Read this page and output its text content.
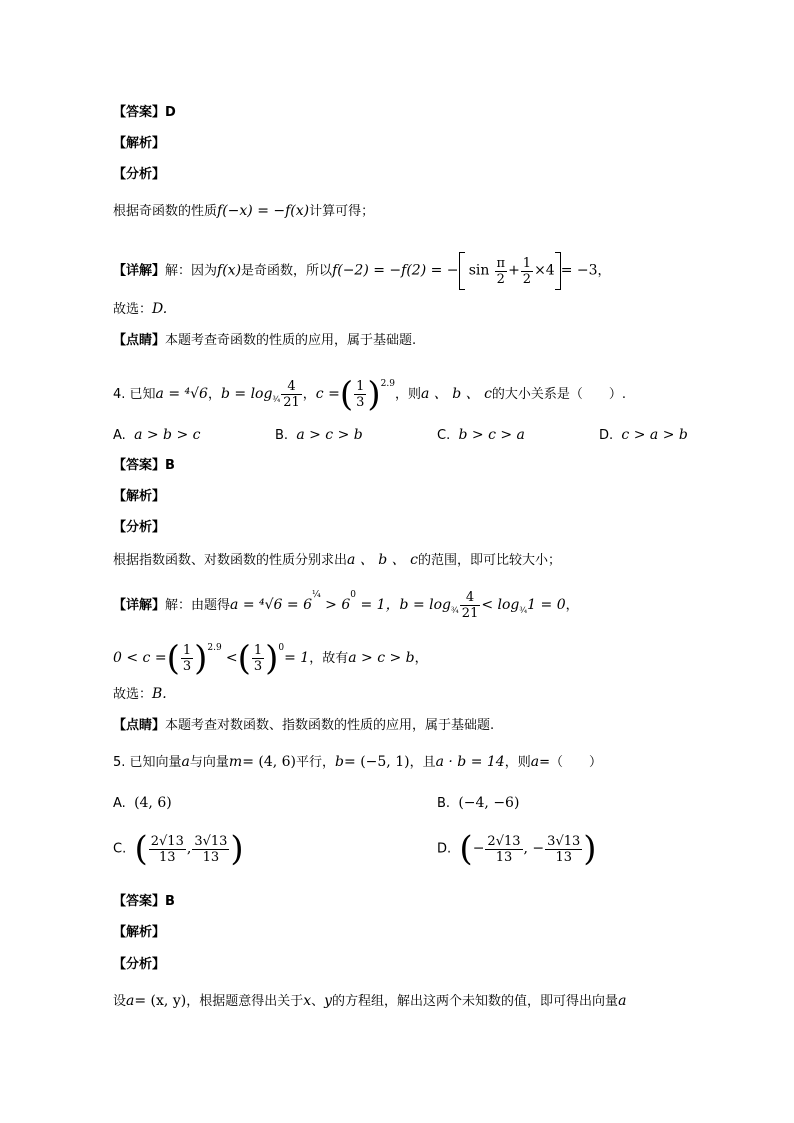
【答案】D
【解析】
【分析】
根据奇函数的性质f(−x) = −f(x)计算可得；
【详解】解：因为f(x)是奇函数，所以f(−2) = −f(2) = − $\sin \frac{\pi}{2} + \frac{1}{2} \times 4 = -3$，
故选：D.
【点睛】本题考查奇函数的性质的应用，属于基础题.
4. 已知a = ⁴√6，$b = \log_{\frac{3}{4}} \frac{4}{21}$ ，c =( $\frac{1}{3} )^{2.9}$，则a 、 b 、 c的大小关系是（　　）.
A. a > b > c	B. a > c > b	C. b > c > a	D. c > a > b
【答案】B
【解析】
【分析】
根据指数函数、对数函数的性质分别求出a 、 b 、 c的范围，即可比较大小；
【详解】解：由题得$a = ^4√6 = 6^{\frac{1}{4}} > 6^0 = 1$，$b = \log_{\frac{3}{4}} \frac{4}{21} < \log_{\frac{3}{4}}1 = 0$，
0 < c =( $\frac{1}{3} )^{2.9}$ <( $\frac{1}{3} )^0= 1$，故有a > c > b，
故选：B.
【点睛】本题考查对数函数、指数函数的性质的应用，属于基础题.
5. 已知向量a与向量m= (4, 6)平行，b= (−5, 1)，且a · b = 14，则a=（　　）
A. (4, 6)	B. (−4, −6)
C. ( $\frac{2√13}{13}$ , $\frac{3√13}{13}$ )	D. (− $\frac{2√13}{13}$ , − $\frac{3√13}{13}$ )
【答案】B
【解析】
【分析】
设a= (x, y)，根据题意得出关于x、y的方程组，解出这两个未知数的值，即可得出向量a
